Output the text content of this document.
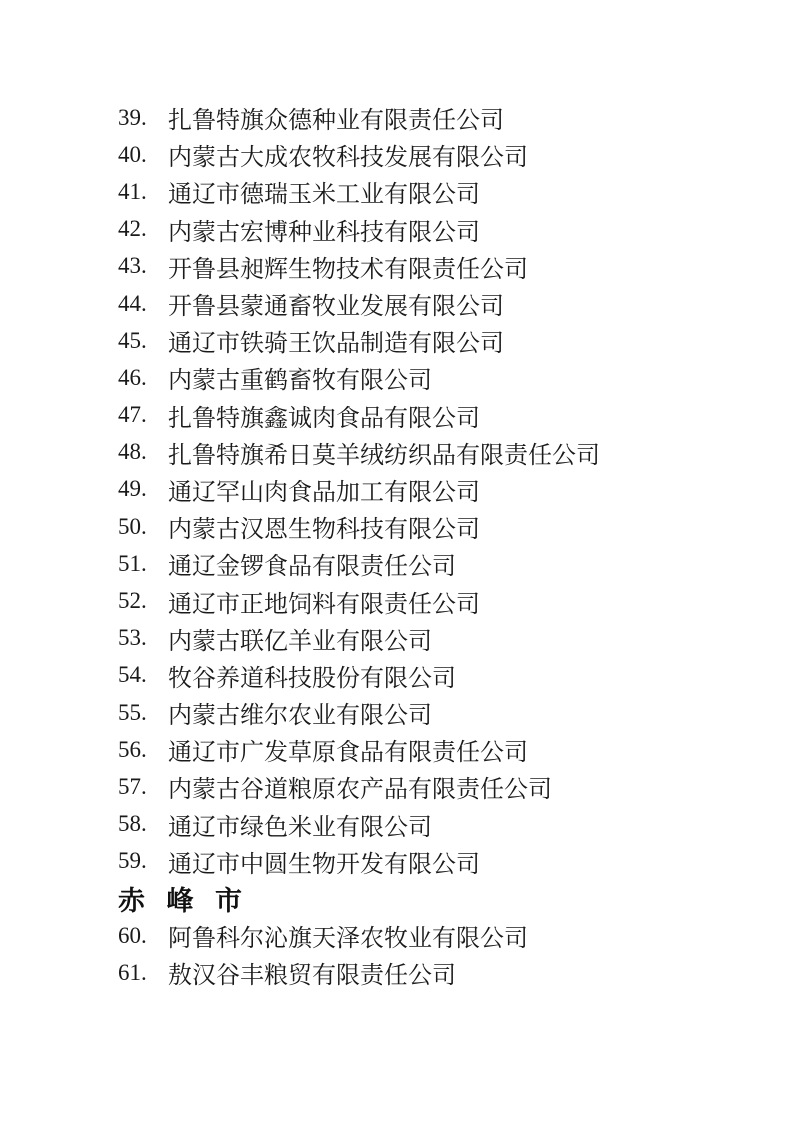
39. 扎鲁特旗众德种业有限责任公司
40. 内蒙古大成农牧科技发展有限公司
41. 通辽市德瑞玉米工业有限公司
42. 内蒙古宏博种业科技有限公司
43. 开鲁县昶辉生物技术有限责任公司
44. 开鲁县蒙通畜牧业发展有限公司
45. 通辽市铁骑王饮品制造有限公司
46. 内蒙古重鹤畜牧有限公司
47. 扎鲁特旗鑫诚肉食品有限公司
48. 扎鲁特旗希日莫羊绒纺织品有限责任公司
49. 通辽罕山肉食品加工有限公司
50. 内蒙古汉恩生物科技有限公司
51. 通辽金锣食品有限责任公司
52. 通辽市正地饲料有限责任公司
53. 内蒙古联亿羊业有限公司
54. 牧谷养道科技股份有限公司
55. 内蒙古维尔农业有限公司
56. 通辽市广发草原食品有限责任公司
57. 内蒙古谷道粮原农产品有限责任公司
58. 通辽市绿色米业有限公司
59. 通辽市中圆生物开发有限公司
赤 峰 市
60. 阿鲁科尔沁旗天泽农牧业有限公司
61. 敖汉谷丰粮贸有限责任公司
